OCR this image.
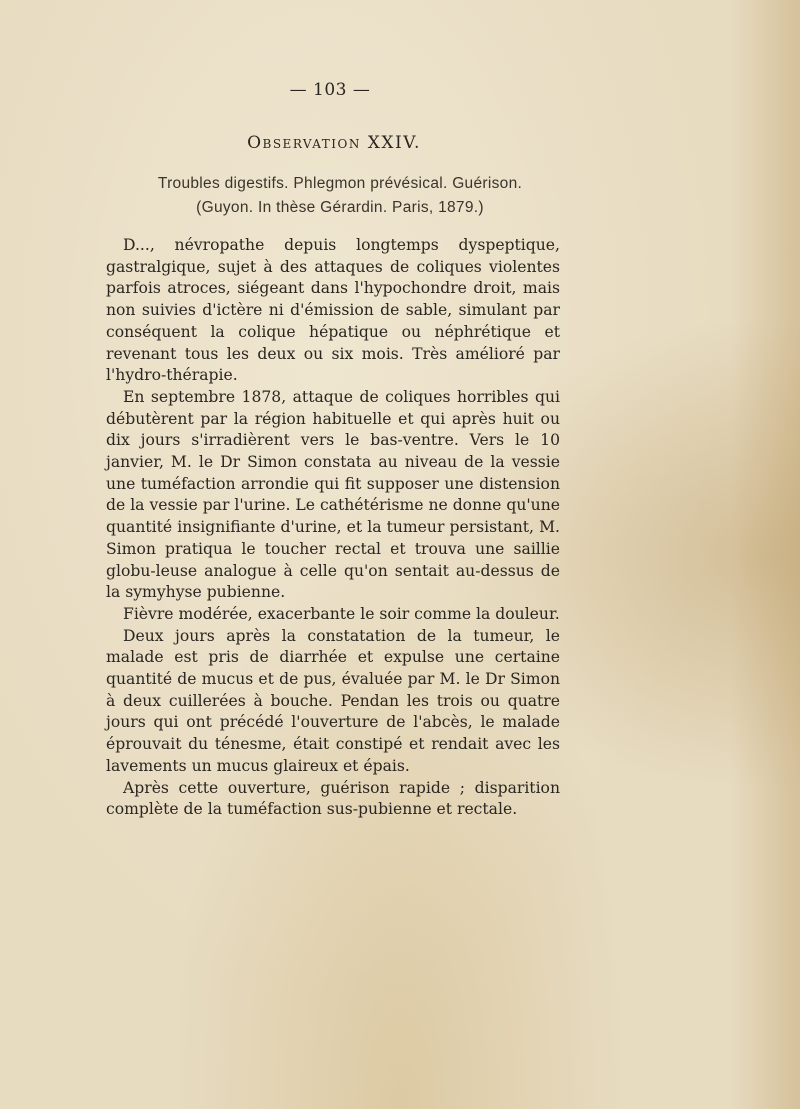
— 103 —
Observation XXIV.
Troubles digestifs. Phlegmon prévésical. Guérison.
(Guyon. In thèse Gérardin. Paris, 1879.)

D..., névropathe depuis longtemps dyspeptique, gastralgique, sujet à des attaques de coliques violentes parfois atroces, siégeant dans l'hypochondre droit, mais non suivies d'ictère ni d'émission de sable, simulant par conséquent la colique hépatique ou néphrétique et revenant tous les deux ou six mois. Très amélioré par l'hydro-thérapie.

En septembre 1878, attaque de coliques horribles qui débutèrent par la région habituelle et qui après huit ou dix jours s'irradièrent vers le bas-ventre. Vers le 10 janvier, M. le Dr Simon constata au niveau de la vessie une tuméfaction arrondie qui fit supposer une distension de la vessie par l'urine. Le cathétérisme ne donne qu'une quantité insignifiante d'urine, et la tumeur persistant, M. Simon pratiqua le toucher rectal et trouva une saillie globu-leuse analogue à celle qu'on sentait au-dessus de la symyhyse pubienne.

Fièvre modérée, exacerbante le soir comme la douleur.

Deux jours après la constatation de la tumeur, le malade est pris de diarrhée et expulse une certaine quantité de mucus et de pus, évaluée par M. le Dr Simon à deux cuillerées à bouche. Pendan les trois ou quatre jours qui ont précédé l'ouverture de l'abcès, le malade éprouvait du ténesme, était constipé et rendait avec les lavements un mucus glaireux et épais.

Après cette ouverture, guérison rapide ; disparition complète de la tuméfaction sus-pubienne et rectale.
